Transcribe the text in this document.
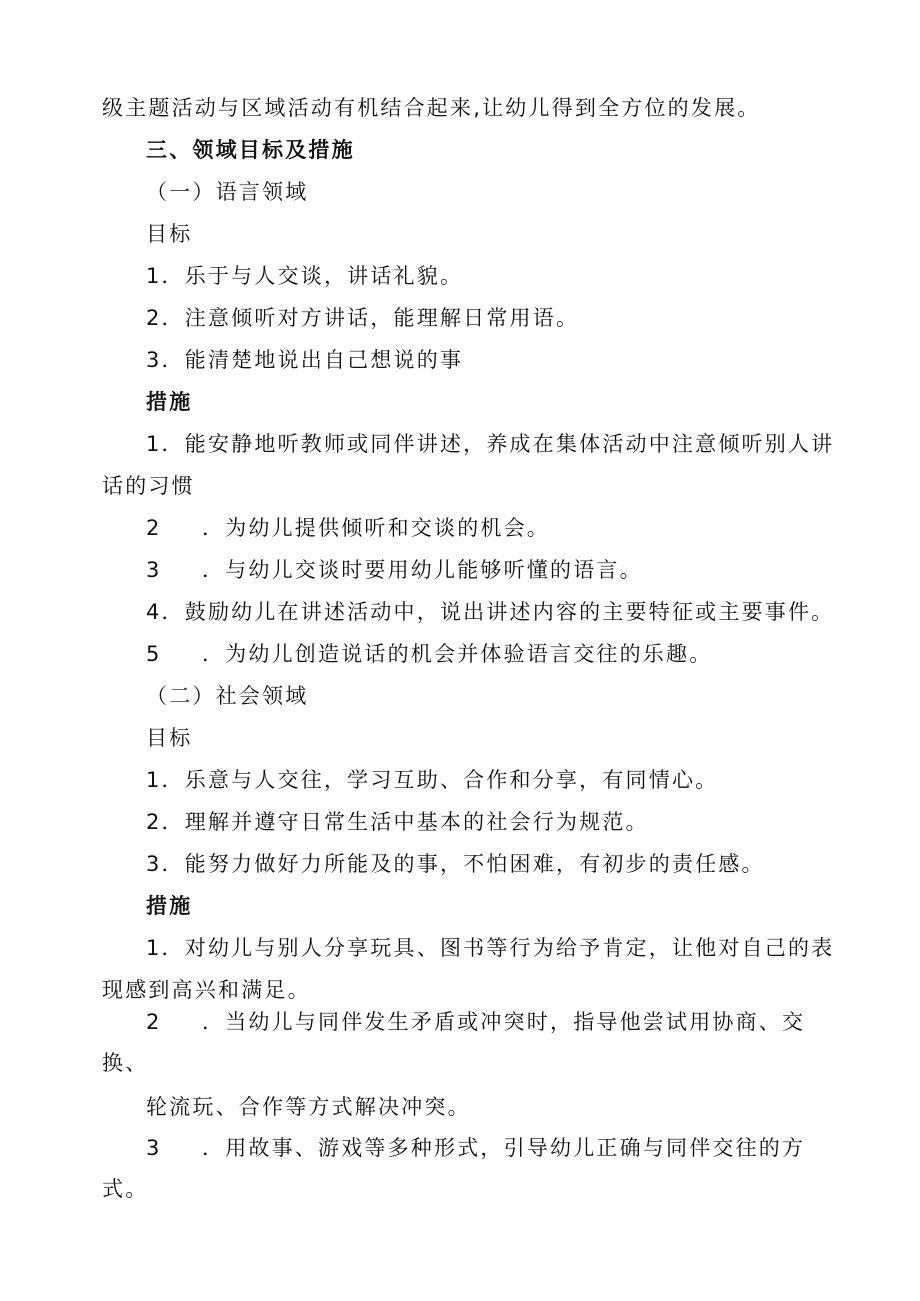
级主题活动与区域活动有机结合起来,让幼儿得到全方位的发展。
三、领域目标及措施
（一）语言领域
目标
1．乐于与人交谈，讲话礼貌。
2．注意倾听对方讲话，能理解日常用语。
3．能清楚地说出自己想说的事
措施
1．能安静地听教师或同伴讲述，养成在集体活动中注意倾听别人讲
话的习惯
2 ．为幼儿提供倾听和交谈的机会。
3 ．与幼儿交谈时要用幼儿能够听懂的语言。
4．鼓励幼儿在讲述活动中，说出讲述内容的主要特征或主要事件。
5 ．为幼儿创造说话的机会并体验语言交往的乐趣。
（二）社会领域
目标
1．乐意与人交往，学习互助、合作和分享，有同情心。
2．理解并遵守日常生活中基本的社会行为规范。
3．能努力做好力所能及的事，不怕困难，有初步的责任感。
措施
1．对幼儿与别人分享玩具、图书等行为给予肯定，让他对自己的表
现感到高兴和满足。
2 ．当幼儿与同伴发生矛盾或冲突时，指导他尝试用协商、交
换、
轮流玩、合作等方式解决冲突。
3 ．用故事、游戏等多种形式，引导幼儿正确与同伴交往的方
式。
